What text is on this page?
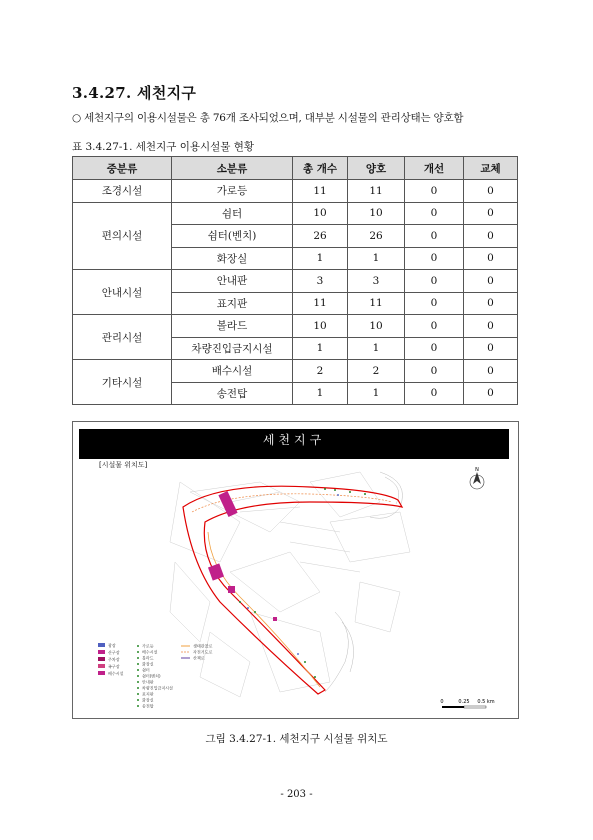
3.4.27. 세천지구
○ 세천지구의 이용시설물은 총 76개 조사되었으며, 대부분 시설물의 관리상태는 양호함
표 3.4.27-1. 세천지구 이용시설물 현황
중분류	소분류	총 개수	양호	개선	교체
조경시설	가로등	11	11	0	0
편의시설	쉼터	10	10	0	0
	쉼터(벤치)	26	26	0	0
	화장실	1	1	0	0
안내시설	안내판	3	3	0	0
	표지판	11	11	0	0
관리시설	볼라드	10	10	0	0
	차량진입금지시설	1	1	0	0
기타시설	배수시설	2	2	0	0
	송전탑	1	1	0	0
세천지구
[시설물 위치도]
N
0	0.25 0.5 km
광장
산구장
주차장
족구장
배수시설
가로등
배수시설
볼라드
화장실
쉼터
쉼터(벤치)
안내판
차량진입금지시설
표지판
화장실
송전탑
생태관찰로
자전거도로
산책로
그림 3.4.27-1. 세천지구 시설물 위치도
- 203 -
